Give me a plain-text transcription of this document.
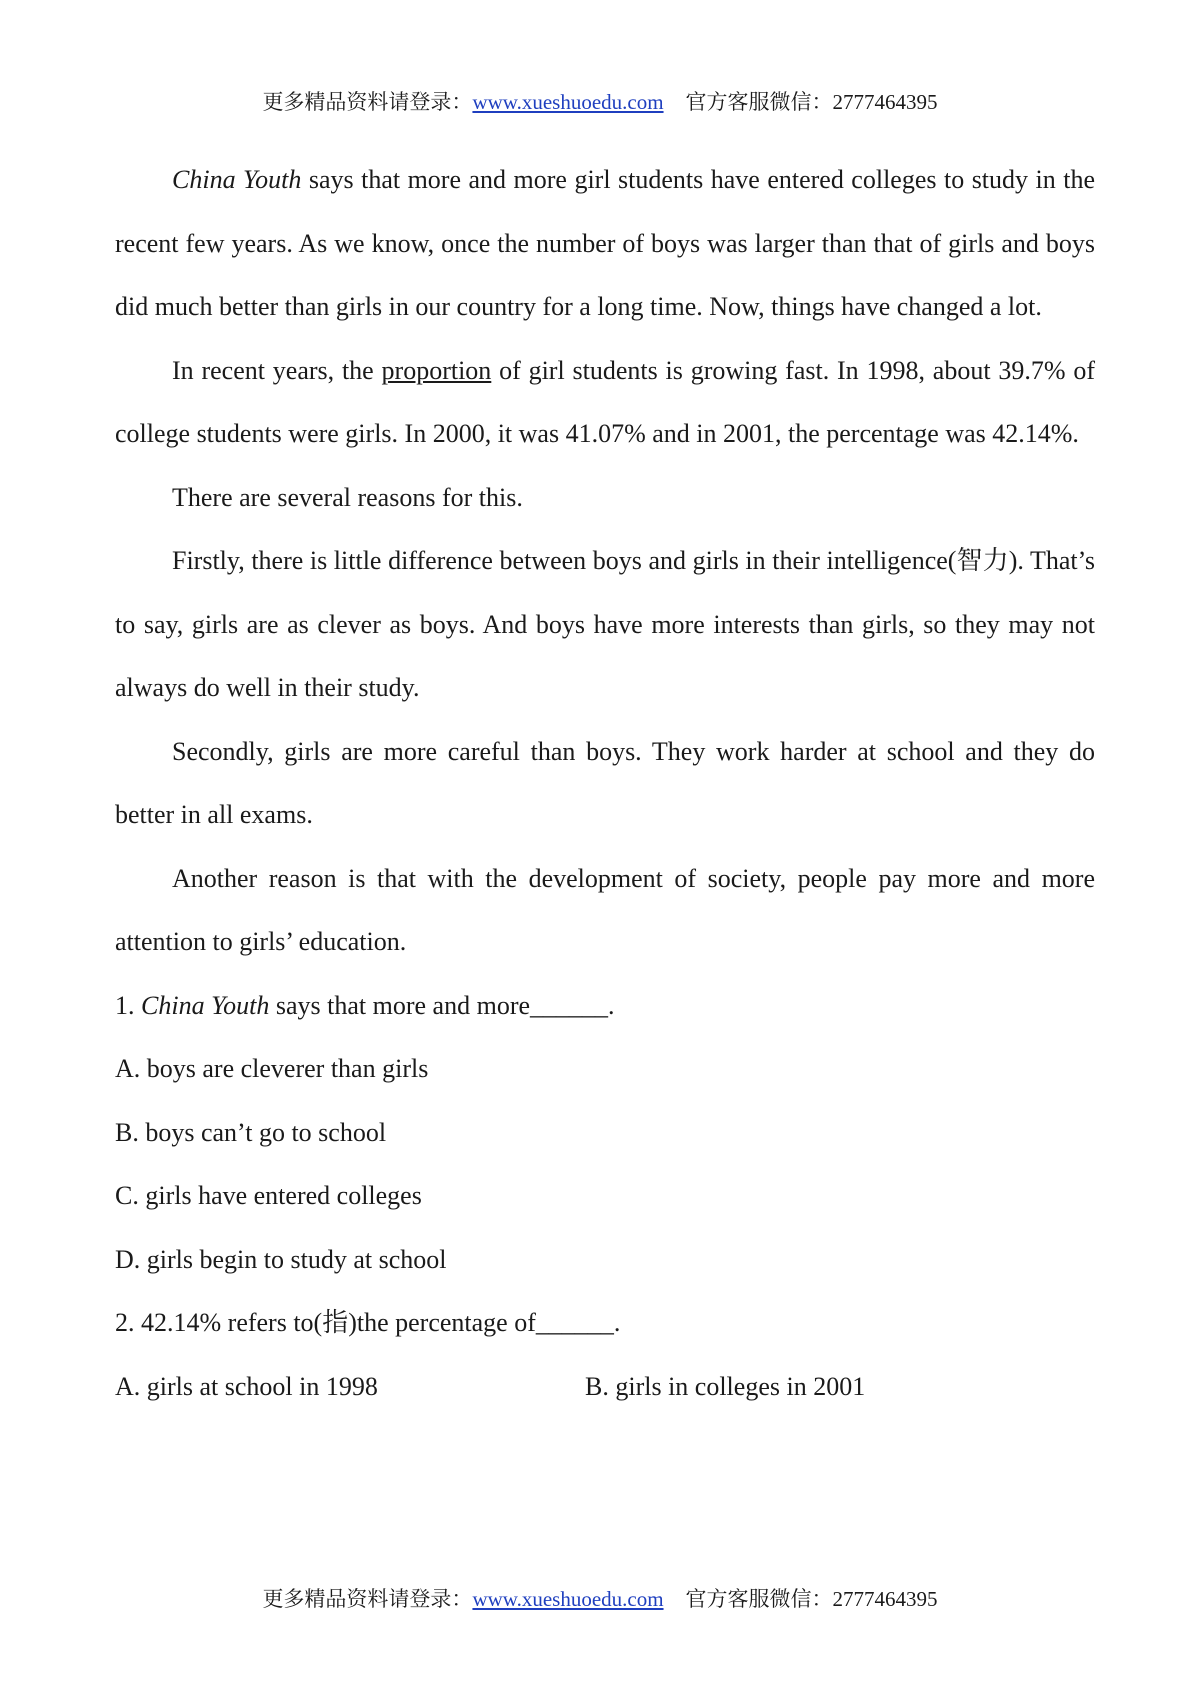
更多精品资料请登录：www.xueshuoedu.com 官方客服微信：2777464395

China Youth says that more and more girl students have entered colleges to study in the recent few years. As we know, once the number of boys was larger than that of girls and boys did much better than girls in our country for a long time. Now, things have changed a lot.

In recent years, the proportion of girl students is growing fast. In 1998, about 39.7% of college students were girls. In 2000, it was 41.07% and in 2001, the percentage was 42.14%.

There are several reasons for this.

Firstly, there is little difference between boys and girls in their intelligence(智力). That’s to say, girls are as clever as boys. And boys have more interests than girls, so they may not always do well in their study.

Secondly, girls are more careful than boys. They work harder at school and they do better in all exams.

Another reason is that with the development of society, people pay more and more attention to girls’ education.

1. China Youth says that more and more______.

A. boys are cleverer than girls

B. boys can’t go to school

C. girls have entered colleges

D. girls begin to study at school

2. 42.14% refers to(指)the percentage of______.

A. girls at school in 1998	B. girls in colleges in 2001
更多精品资料请登录：www.xueshuoedu.com 官方客服微信：2777464395
